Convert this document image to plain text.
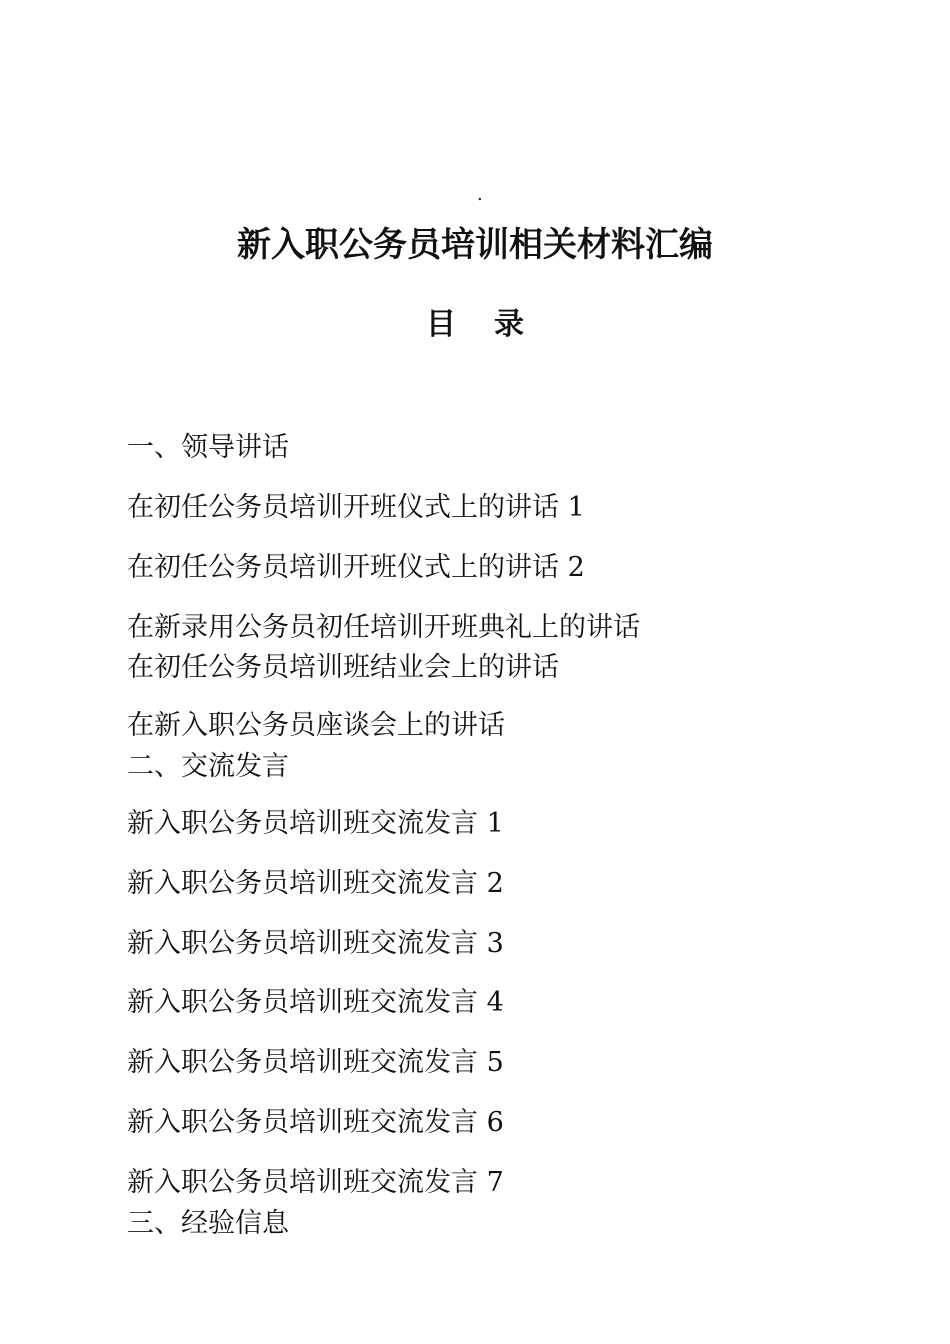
.
新入职公务员培训相关材料汇编
目 录
一、领导讲话
在初任公务员培训开班仪式上的讲话 1
在初任公务员培训开班仪式上的讲话 2
在新录用公务员初任培训开班典礼上的讲话
在初任公务员培训班结业会上的讲话
在新入职公务员座谈会上的讲话
二、交流发言
新入职公务员培训班交流发言 1
新入职公务员培训班交流发言 2
新入职公务员培训班交流发言 3
新入职公务员培训班交流发言 4
新入职公务员培训班交流发言 5
新入职公务员培训班交流发言 6
新入职公务员培训班交流发言 7
三、经验信息
